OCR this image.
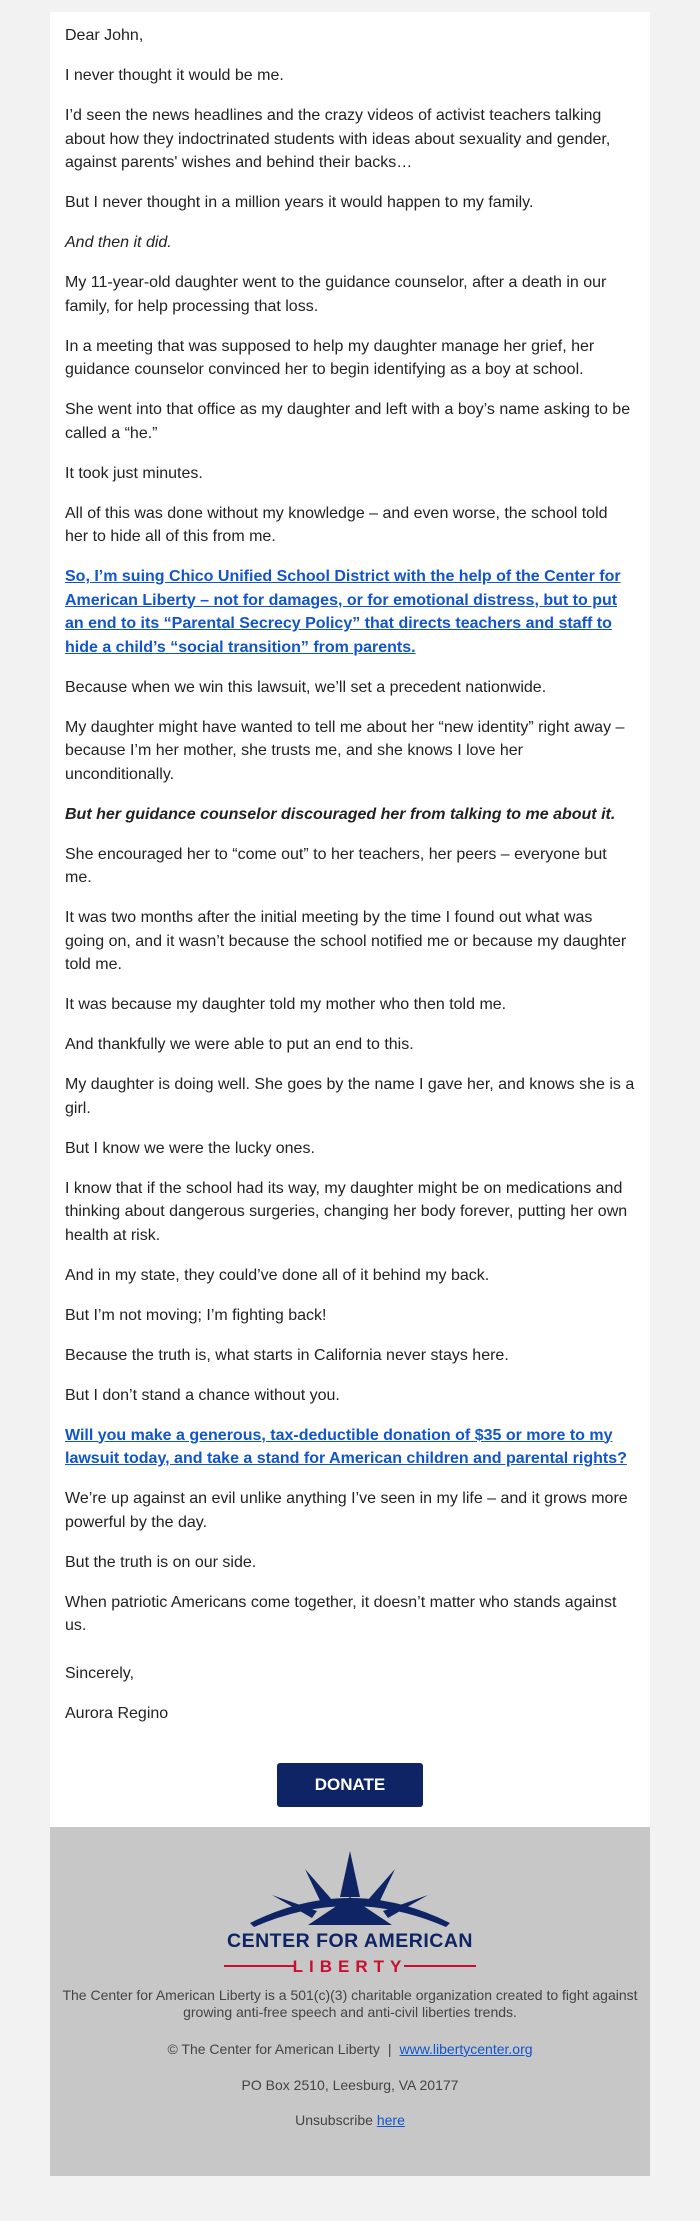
Dear John,

I never thought it would be me.

I’d seen the news headlines and the crazy videos of activist teachers talking about how they indoctrinated students with ideas about sexuality and gender, against parents' wishes and behind their backs…

But I never thought in a million years it would happen to my family.

And then it did.

My 11-year-old daughter went to the guidance counselor, after a death in our family, for help processing that loss.

In a meeting that was supposed to help my daughter manage her grief, her guidance counselor convinced her to begin identifying as a boy at school.

She went into that office as my daughter and left with a boy’s name asking to be called a “he.”

It took just minutes.

All of this was done without my knowledge – and even worse, the school told her to hide all of this from me.

So, I’m suing Chico Unified School District with the help of the Center for American Liberty – not for damages, or for emotional distress, but to put an end to its “Parental Secrecy Policy” that directs teachers and staff to hide a child’s “social transition” from parents.

Because when we win this lawsuit, we’ll set a precedent nationwide.

My daughter might have wanted to tell me about her “new identity” right away – because I’m her mother, she trusts me, and she knows I love her unconditionally.

But her guidance counselor discouraged her from talking to me about it.

She encouraged her to “come out” to her teachers, her peers – everyone but me.

It was two months after the initial meeting by the time I found out what was going on, and it wasn’t because the school notified me or because my daughter told me.

It was because my daughter told my mother who then told me.

And thankfully we were able to put an end to this.

My daughter is doing well. She goes by the name I gave her, and knows she is a girl.

But I know we were the lucky ones.

I know that if the school had its way, my daughter might be on medications and thinking about dangerous surgeries, changing her body forever, putting her own health at risk.

And in my state, they could’ve done all of it behind my back.

But I’m not moving; I’m fighting back!

Because the truth is, what starts in California never stays here.

But I don’t stand a chance without you.

Will you make a generous, tax-deductible donation of $35 or more to my lawsuit today, and take a stand for American children and parental rights?

We’re up against an evil unlike anything I’ve seen in my life – and it grows more powerful by the day.

But the truth is on our side.

When patriotic Americans come together, it doesn’t matter who stands against us.

Sincerely,

Aurora Regino

DONATE
CENTER FOR AMERICAN
LIBERTY

The Center for American Liberty is a 501(c)(3) charitable organization created to fight against growing anti-free speech and anti-civil liberties trends.

© The Center for American Liberty | www.libertycenter.org

PO Box 2510, Leesburg, VA 20177

Unsubscribe here
